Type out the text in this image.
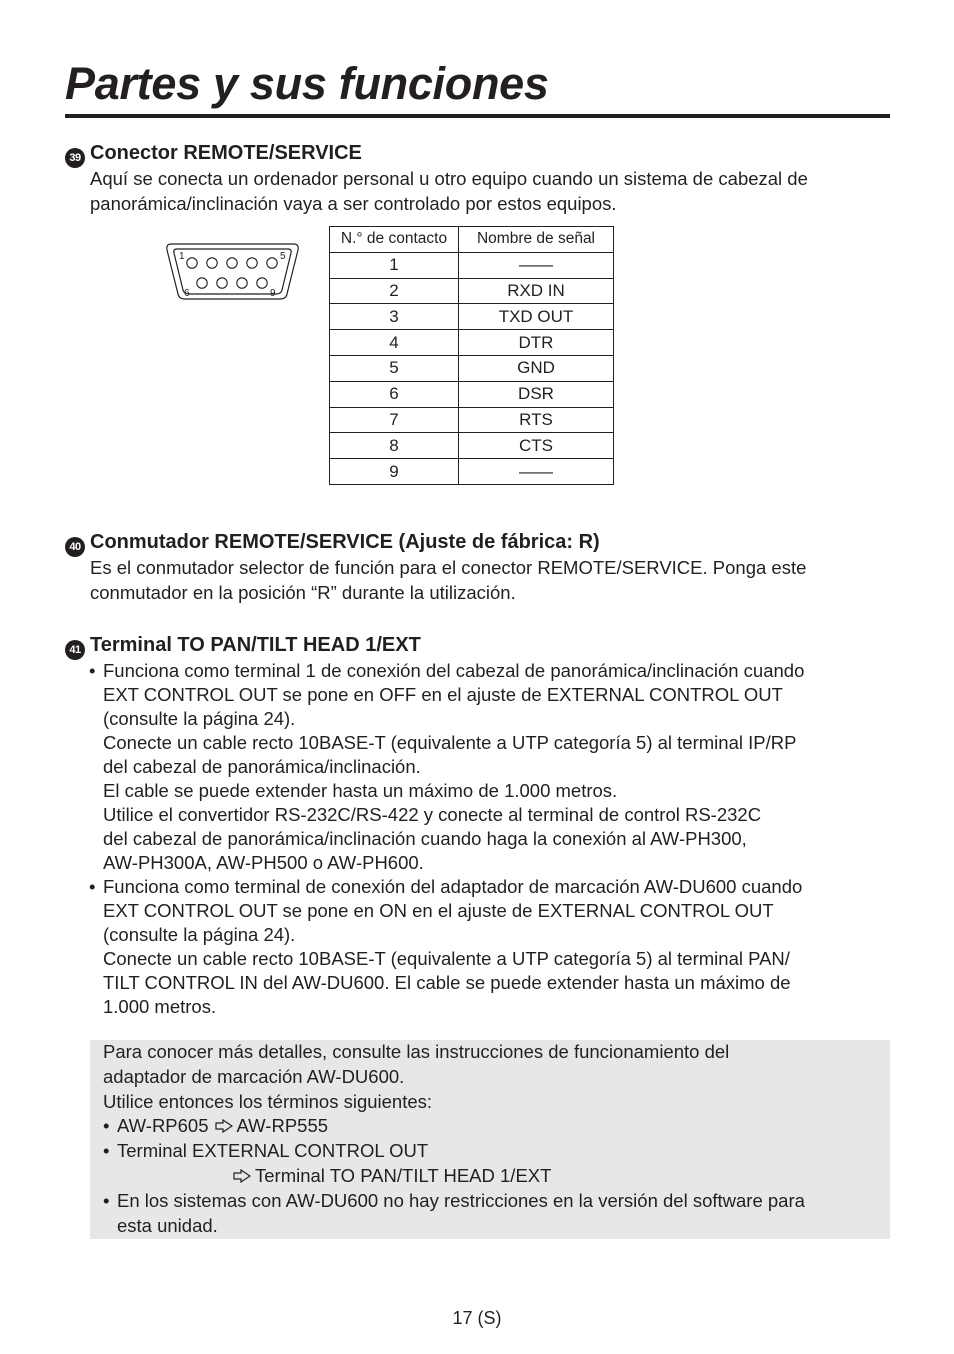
Partes y sus funciones
39 Conector REMOTE/SERVICE
Aquí se conecta un ordenador personal u otro equipo cuando un sistema de cabezal de
panorámica/inclinación vaya a ser controlado por estos equipos.
1	5
6	9
N.° de contacto	Nombre de señal
1	——
2	RXD IN
3	TXD OUT
4	DTR
5	GND
6	DSR
7	RTS
8	CTS
9	——
40 Conmutador REMOTE/SERVICE (Ajuste de fábrica: R)
Es el conmutador selector de función para el conector REMOTE/SERVICE. Ponga este
conmutador en la posición “R” durante la utilización.
41 Terminal TO PAN/TILT HEAD 1/EXT
• Funciona como terminal 1 de conexión del cabezal de panorámica/inclinación cuando

EXT CONTROL OUT se pone en OFF en el ajuste de EXTERNAL CONTROL OUT

(consulte la página 24).

Conecte un cable recto 10BASE-T (equivalente a UTP categoría 5) al terminal IP/RP

del cabezal de panorámica/inclinación.

El cable se puede extender hasta un máximo de 1.000 metros.

Utilice el convertidor RS-232C/RS-422 y conecte al terminal de control RS-232C

del cabezal de panorámica/inclinación cuando haga la conexión al AW-PH300,

AW-PH300A, AW-PH500 o AW-PH600.

• Funciona como terminal de conexión del adaptador de marcación AW-DU600 cuando

EXT CONTROL OUT se pone en ON en el ajuste de EXTERNAL CONTROL OUT

(consulte la página 24).

Conecte un cable recto 10BASE-T (equivalente a UTP categoría 5) al terminal PAN/

TILT CONTROL IN del AW-DU600. El cable se puede extender hasta un máximo de

1.000 metros.

Para conocer más detalles, consulte las instrucciones de funcionamiento del

adaptador de marcación AW-DU600.

Utilice entonces los términos siguientes:

• AW-RP605 AW-RP555

• Terminal EXTERNAL CONTROL OUT

Terminal TO PAN/TILT HEAD 1/EXT

• En los sistemas con AW-DU600 no hay restricciones en la versión del software para

esta unidad.

17 (S)
